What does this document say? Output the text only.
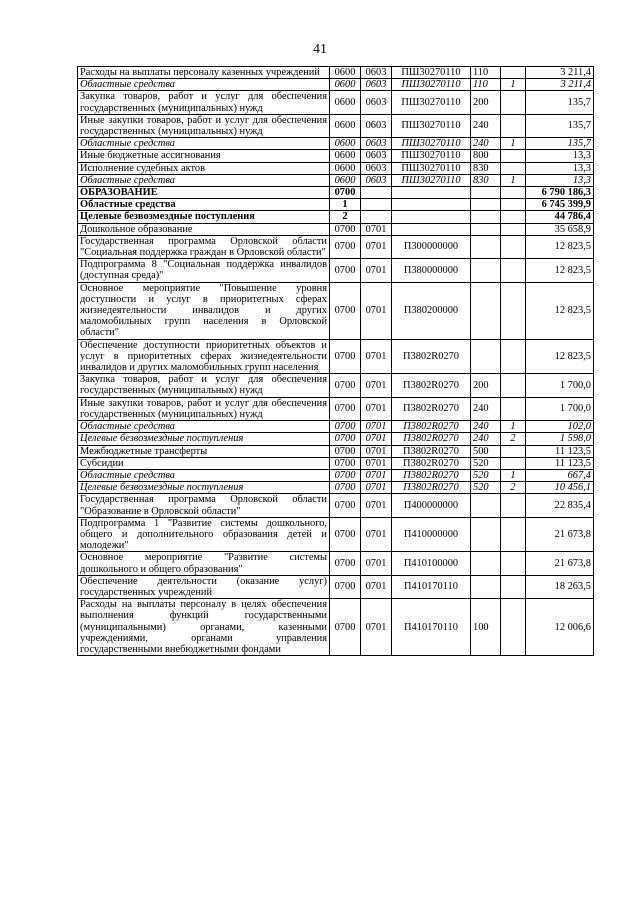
41
Расходы на выплаты персоналу казенных учреждений	0600	0603	ПШ30270110	110		3 211,4
Областные средства	0600	0603	ПШ30270110	110	1	3 211,4
Закупка товаров, работ и услуг для обеспечения государственных (муниципальных) нужд	0600	0603	ПШ30270110	200		135,7
Иные закупки товаров, работ и услуг для обеспечения государственных (муниципальных) нужд	0600	0603	ПШ30270110	240		135,7
Областные средства	0600	0603	ПШ30270110	240	1	135,7
Иные бюджетные ассигнования	0600	0603	ПШ30270110	800		13,3
Исполнение судебных актов	0600	0603	ПШ30270110	830		13,3
Областные средства	0600	0603	ПШ30270110	830	1	13,3
ОБРАЗОВАНИЕ	0700					6 790 186,3
Областные средства	1					6 745 399,9
Целевые безвозмездные поступления	2					44 786,4
Дошкольное образование	0700	0701				35 658,9
Государственная программа Орловской области "Социальная поддержка граждан в Орловской области"	0700	0701	П300000000			12 823,5
Подпрограмма 8 "Социальная поддержка инвалидов (доступная среда)"	0700	0701	П380000000			12 823,5
Основное мероприятие "Повышение уровня доступности и услуг в приоритетных сферах жизнедеятельности инвалидов и других маломобильных групп населения в Орловской области"	0700	0701	П380200000			12 823,5
Обеспечение доступности приоритетных объектов и услуг в приоритетных сферах жизнедеятельности инвалидов и других маломобильных групп населения	0700	0701	П3802R0270			12 823,5
Закупка товаров, работ и услуг для обеспечения государственных (муниципальных) нужд	0700	0701	П3802R0270	200		1 700,0
Иные закупки товаров, работ и услуг для обеспечения государственных (муниципальных) нужд	0700	0701	П3802R0270	240		1 700,0
Областные средства	0700	0701	П3802R0270	240	1	102,0
Целевые безвозмездные поступления	0700	0701	П3802R0270	240	2	1 598,0
Межбюджетные трансферты	0700	0701	П3802R0270	500		11 123,5
Субсидии	0700	0701	П3802R0270	520		11 123,5
Областные средства	0700	0701	П3802R0270	520	1	667,4
Целевые безвозмездные поступления	0700	0701	П3802R0270	520	2	10 456,1
Государственная программа Орловской области "Образование в Орловской области"	0700	0701	П400000000			22 835,4
Подпрограмма 1 "Развитие системы дошкольного, общего и дополнительного образования детей и молодежи"	0700	0701	П410000000			21 673,8
Основное мероприятие "Развитие системы дошкольного и общего образования"	0700	0701	П410100000			21 673,8
Обеспечение деятельности (оказание услуг) государственных учреждений	0700	0701	П410170110			18 263,5
Расходы на выплаты персоналу в целях обеспечения выполнения функций государственными (муниципальными) органами, казенными учреждениями, органами управления государственными внебюджетными фондами	0700	0701	П410170110	100		12 006,6
